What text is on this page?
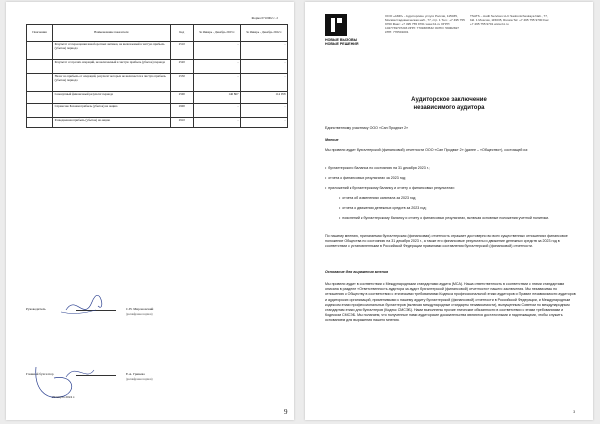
Форма 0710002 с. 2
Пояснения	Наименование показателя	Код	За Январь - Декабрь 2023 г.	За Январь - Декабрь 2022 г.
	Результат от переоценки внеоборотных активов, не включаемый в чистую прибыль (убыток) периода	2510	-	-
	Результат от прочих операций, не включаемый в чистую прибыль (убыток) периода	2520	-	-
	Налог на прибыль от операций, результат которых не включается в чистую прибыль (убыток) периода	2530	-	-
	Совокупный финансовый результат периода	2500	146 867	114 958
	Справочно Базовая прибыль (убыток) на акцию	2900	-	-
	Разводненная прибыль (убыток) на акцию	2910	-	-
Руководитель	С.Н. Мироновский
(расшифровка подписи)
Главный бухгалтер	Е.А. Гринева
(расшифровка подписи)
29 марта 2024 г.
9
НОВЫЕ ВЫЗОВЫ НОВЫЕ РЕШЕНИЯ
ООО «АМР» - Аудиторские услуги Россия, 115035, Москва Садовническая наб., 77, стр. 1 Тел.: +7 495 755 9700 Факс: +7 495 755 9701 www.b1.ru ОГРН: 1027739707203 ИНН: 7709383532 ОКПО: 59002827 КПП: 770501001
TSATS – Audit Services LLC Sadovnicheskaya Nab., 77, bld. 1 Moscow, 115035, Russia Tel: +7 495 755 9700 Fax: +7 495 755 9701 www.b1.ru
Аудиторское заключение
независимого аудитора
Единственному участнику ООО «Сан Продюкт 2»
Мнение
Мы провели аудит бухгалтерской (финансовой) отчетности ООО «Сан Продюкт 2» (далее – «Общество»), состоящей из:
•  бухгалтерского баланса по состоянию на 31 декабря 2023 г.;
•  отчета о финансовых результатах за 2023 год;
•  приложений к бухгалтерскому балансу и отчету о финансовых результатах:
•  отчета об изменениях капитала за 2023 год;
•  отчета о движении денежных средств за 2023 год;
•  пояснений к бухгалтерскому балансу и отчету о финансовых результатах, включая основные положения учетной политики.
По нашему мнению, прилагаемая бухгалтерская (финансовая) отчетность отражает достоверно во всех существенных отношениях финансовое положение Общества по состоянию на 31 декабря 2023 г., а также его финансовые результаты и движение денежных средств за 2023 год в соответствии с установленными в Российской Федерации правилами составления бухгалтерской (финансовой) отчетности.
Основание для выражения мнения
Мы провели аудит в соответствии с Международными стандартами аудита (МСА). Наша ответственность в соответствии с этими стандартами описана в разделе «Ответственность аудитора за аудит бухгалтерской (финансовой) отчетности» нашего заключения. Мы независимы по отношению к Обществу в соответствии с этическими требованиями Кодекса профессиональной этики аудиторов и Правил независимости аудиторов и аудиторских организаций, применимыми к нашему аудиту бухгалтерской (финансовой) отчетности в Российской Федерации, и Международным кодексом этики профессиональных бухгалтеров (включая международные стандарты независимости), выпущенным Советом по международным стандартам этики для бухгалтеров (Кодекс СМСЭБ). Нами выполнены прочие этические обязанности в соответствии с этими требованиями и Кодексом СМСЭБ. Мы полагаем, что полученные нами аудиторские доказательства являются достаточными и надлежащими, чтобы служить основанием для выражения нашего мнения.
3
